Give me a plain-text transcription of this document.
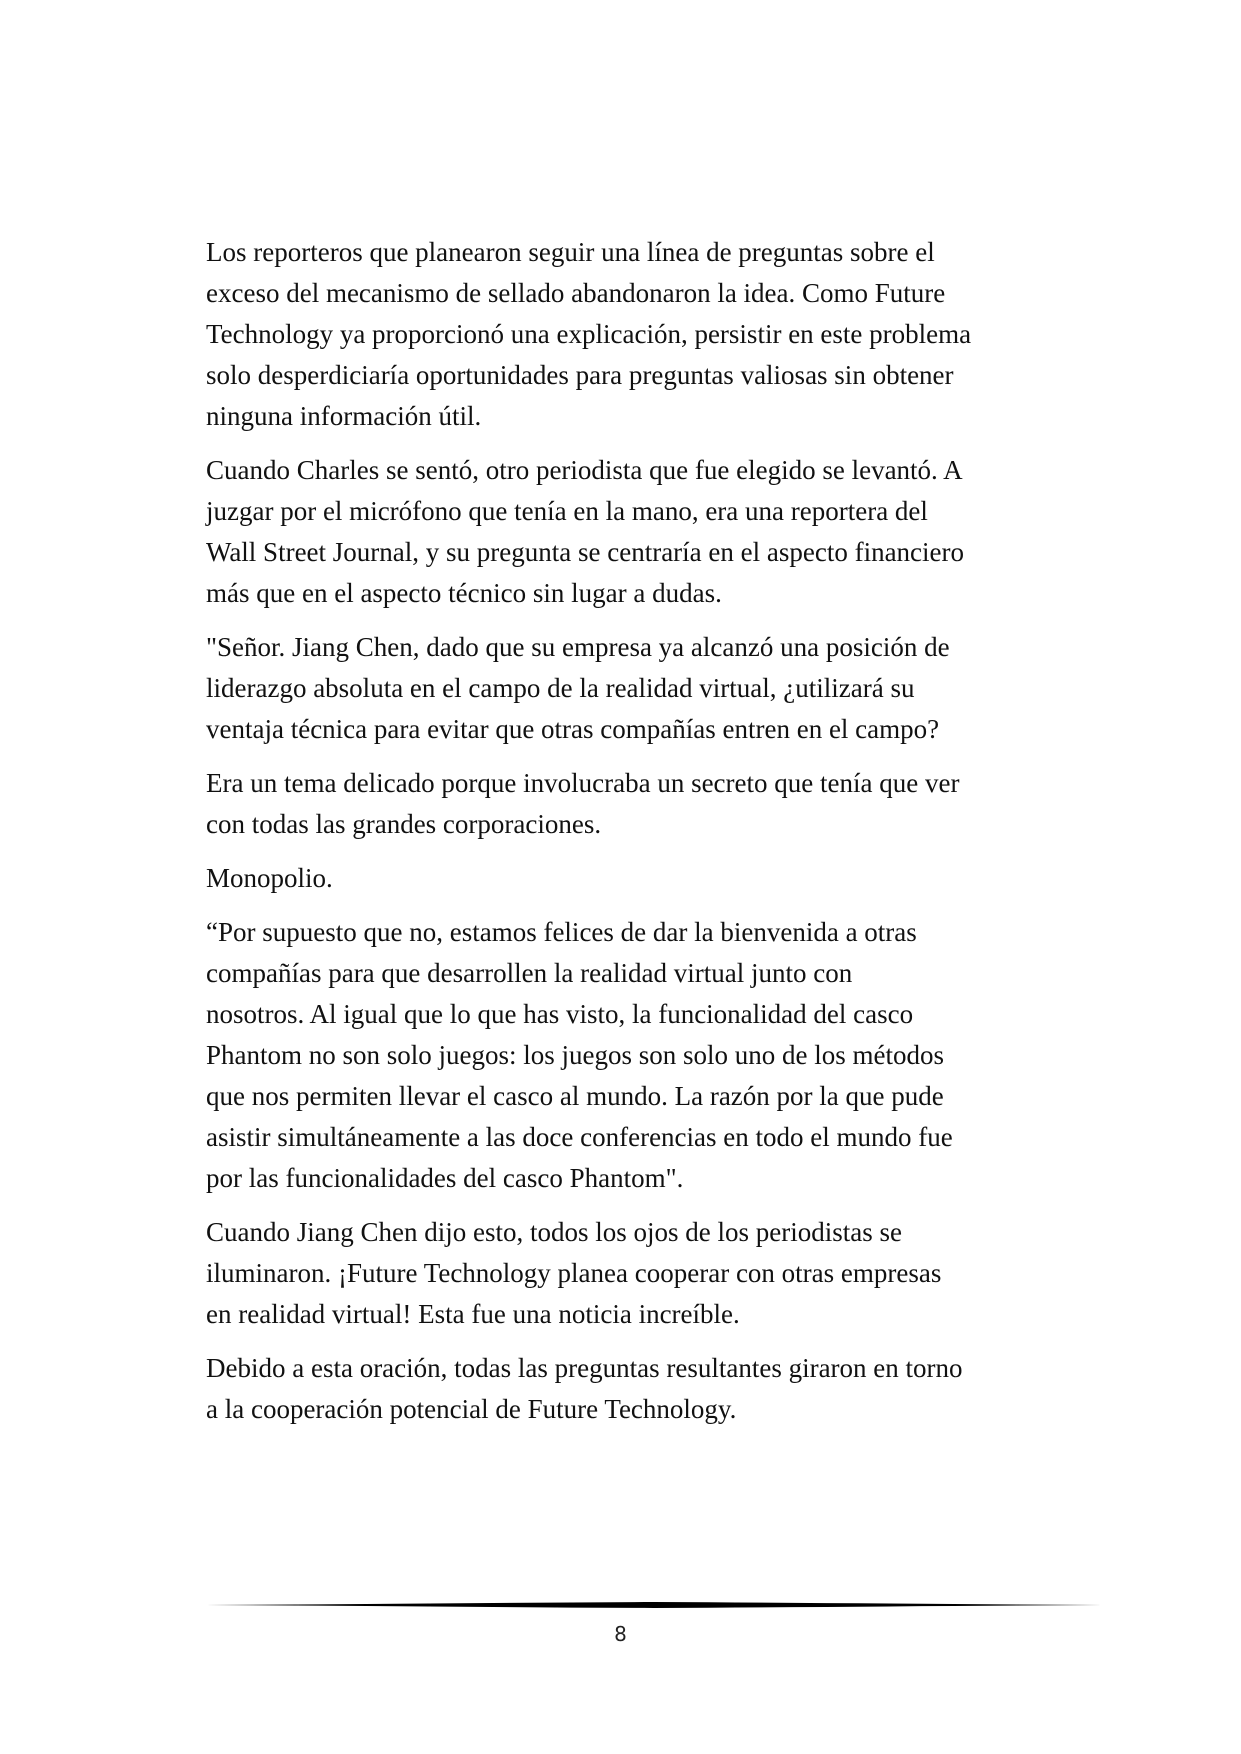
Los reporteros que planearon seguir una línea de preguntas sobre el
exceso del mecanismo de sellado abandonaron la idea. Como Future
Technology ya proporcionó una explicación, persistir en este problema
solo desperdiciaría oportunidades para preguntas valiosas sin obtener
ninguna información útil.

Cuando Charles se sentó, otro periodista que fue elegido se levantó. A
juzgar por el micrófono que tenía en la mano, era una reportera del
Wall Street Journal, y su pregunta se centraría en el aspecto financiero
más que en el aspecto técnico sin lugar a dudas.

"Señor. Jiang Chen, dado que su empresa ya alcanzó una posición de
liderazgo absoluta en el campo de la realidad virtual, ¿utilizará su
ventaja técnica para evitar que otras compañías entren en el campo?

Era un tema delicado porque involucraba un secreto que tenía que ver
con todas las grandes corporaciones.

Monopolio.

“Por supuesto que no, estamos felices de dar la bienvenida a otras
compañías para que desarrollen la realidad virtual junto con
nosotros. Al igual que lo que has visto, la funcionalidad del casco
Phantom no son solo juegos: los juegos son solo uno de los métodos
que nos permiten llevar el casco al mundo. La razón por la que pude
asistir simultáneamente a las doce conferencias en todo el mundo fue
por las funcionalidades del casco Phantom".

Cuando Jiang Chen dijo esto, todos los ojos de los periodistas se
iluminaron. ¡Future Technology planea cooperar con otras empresas
en realidad virtual! Esta fue una noticia increíble.

Debido a esta oración, todas las preguntas resultantes giraron en torno
a la cooperación potencial de Future Technology.

8
